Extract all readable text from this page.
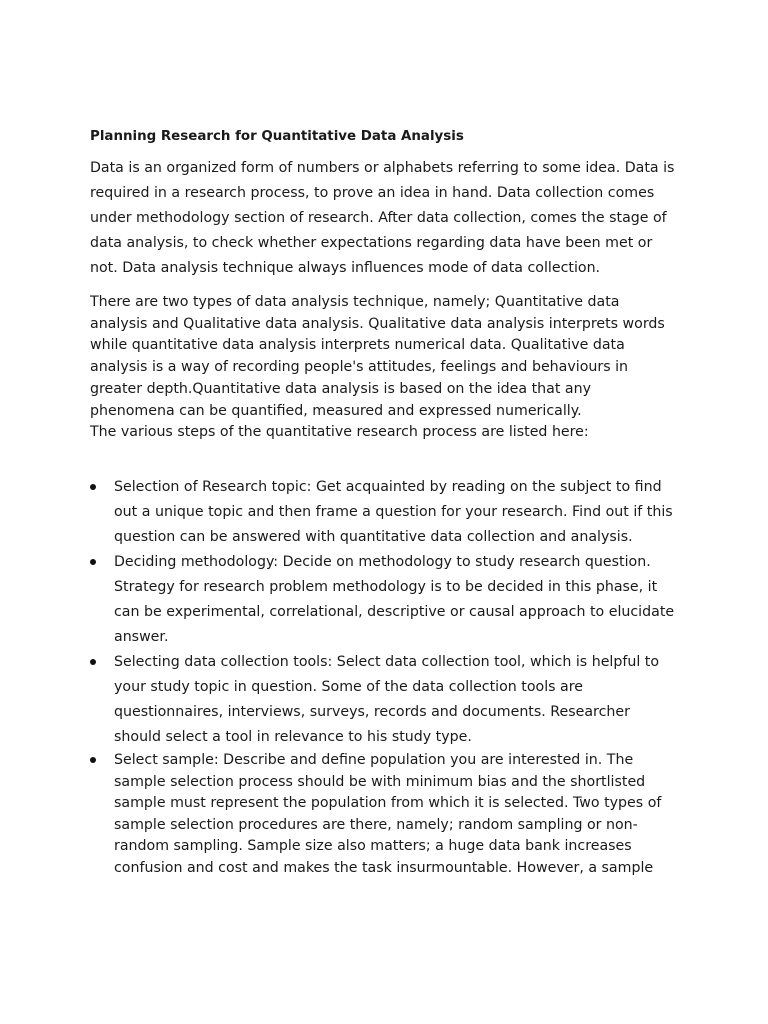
Planning Research for Quantitative Data Analysis
Data is an organized form of numbers or alphabets referring to some idea. Data is
required in a research process, to prove an idea in hand. Data collection comes
under methodology section of research. After data collection, comes the stage of
data analysis, to check whether expectations regarding data have been met or
not. Data analysis technique always influences mode of data collection.
There are two types of data analysis technique, namely; Quantitative data
analysis and Qualitative data analysis. Qualitative data analysis interprets words
while quantitative data analysis interprets numerical data. Qualitative data
analysis is a way of recording people's attitudes, feelings and behaviours in
greater depth.Quantitative data analysis is based on the idea that any
phenomena can be quantified, measured and expressed numerically.
The various steps of the quantitative research process are listed here:
Selection of Research topic: Get acquainted by reading on the subject to find
out a unique topic and then frame a question for your research. Find out if this
question can be answered with quantitative data collection and analysis.
Deciding methodology: Decide on methodology to study research question.
Strategy for research problem methodology is to be decided in this phase, it
can be experimental, correlational, descriptive or causal approach to elucidate
answer.
Selecting data collection tools: Select data collection tool, which is helpful to
your study topic in question. Some of the data collection tools are
questionnaires, interviews, surveys, records and documents. Researcher
should select a tool in relevance to his study type.
Select sample: Describe and define population you are interested in. The
sample selection process should be with minimum bias and the shortlisted
sample must represent the population from which it is selected. Two types of
sample selection procedures are there, namely; random sampling or non-
random sampling. Sample size also matters; a huge data bank increases
confusion and cost and makes the task insurmountable. However, a sample
